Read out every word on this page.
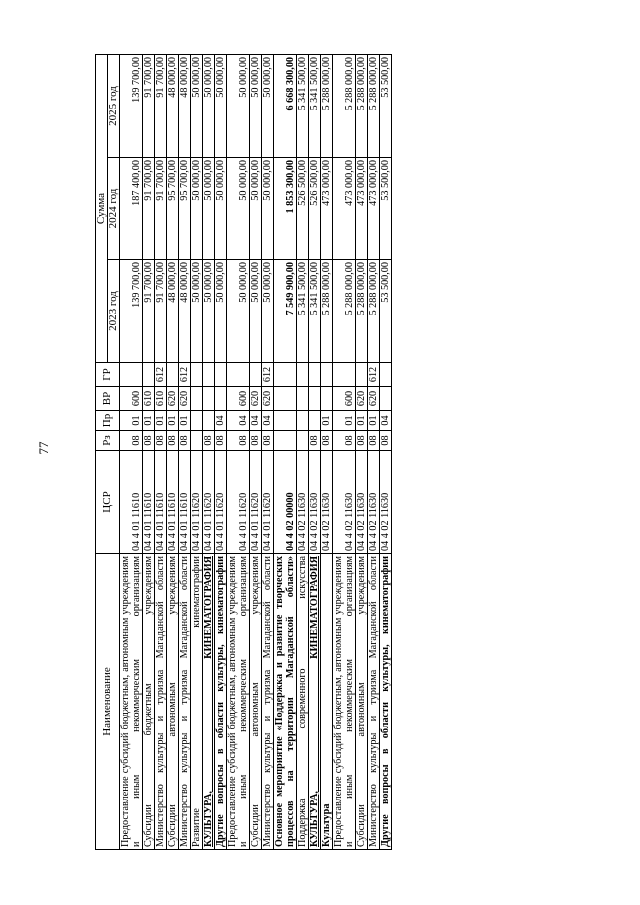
77
Наименование	ЦСР	Рз	Пр	ВР	ГР	Сумма		
						2023 год	2024 год	2025 год
Предоставление субсидий бюджетным, автономным учреждениям и иным некоммерческим организациям	04 4 01 11610	08	01	600		139 700,00	187 400,00	139 700,00
Субсидии бюджетным учреждениям	04 4 01 11610	08	01	610		91 700,00	91 700,00	91 700,00
Министерство культуры и туризма Магаданской области	04 4 01 11610	08	01	610	612	91 700,00	91 700,00	91 700,00
Субсидии автономным учреждениям	04 4 01 11610	08	01	620		48 000,00	95 700,00	48 000,00
Министерство культуры и туризма Магаданской области	04 4 01 11610	08	01	620	612	48 000,00	95 700,00	48 000,00
Развитие кинематографии	04 4 01 11620					50 000,00	50 000,00	50 000,00
КУЛЬТУРА, КИНЕМАТОГРАФИЯ	04 4 01 11620	08				50 000,00	50 000,00	50 000,00
Другие вопросы в области культуры, кинематографии	04 4 01 11620	08	04			50 000,00	50 000,00	50 000,00
Предоставление субсидий бюджетным, автономным учреждениям и иным некоммерческим организациям	04 4 01 11620	08	04	600		50 000,00	50 000,00	50 000,00
Субсидии автономным учреждениям	04 4 01 11620	08	04	620		50 000,00	50 000,00	50 000,00
Министерство культуры и туризма Магаданской области	04 4 01 11620	08	04	620	612	50 000,00	50 000,00	50 000,00
Основное мероприятие «Поддержка и развитие творческих процессов на территории Магаданской области»	04 4 02 00000					7 549 900,00	1 853 300,00	6 668 300,00
Поддержка современного искусства	04 4 02 11630					5 341 500,00	526 500,00	5 341 500,00
КУЛЬТУРА, КИНЕМАТОГРАФИЯ	04 4 02 11630	08				5 341 500,00	526 500,00	5 341 500,00
Культура	04 4 02 11630	08	01			5 288 000,00	473 000,00	5 288 000,00
Предоставление субсидий бюджетным, автономным учреждениям и иным некоммерческим организациям	04 4 02 11630	08	01	600		5 288 000,00	473 000,00	5 288 000,00
Субсидии автономным учреждениям	04 4 02 11630	08	01	620		5 288 000,00	473 000,00	5 288 000,00
Министерство культуры и туризма Магаданской области	04 4 02 11630	08	01	620	612	5 288 000,00	473 000,00	5 288 000,00
Другие вопросы в области культуры, кинематографии	04 4 02 11630	08	04			53 500,00	53 500,00	53 500,00
